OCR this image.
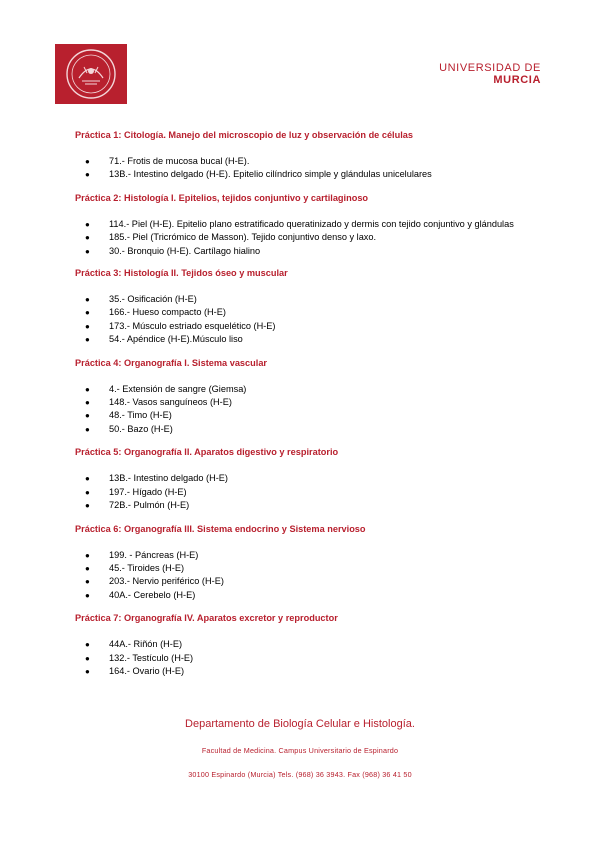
UNIVERSIDAD DE
MURCIA
Práctica 1: Citología. Manejo del microscopio de luz y observación de células
● 71.- Frotis de mucosa bucal (H-E).
● 13B.- Intestino delgado (H-E). Epitelio cilíndrico simple y glándulas unicelulares
Práctica 2: Histología I. Epitelios, tejidos conjuntivo y cartilaginoso
● 114.- Piel (H-E). Epitelio plano estratificado queratinizado y dermis con tejido conjuntivo y glándulas
● 185.- Piel (Tricrómico de Masson). Tejido conjuntivo denso y laxo.
● 30.- Bronquio (H-E). Cartílago hialino
Práctica 3: Histología II. Tejidos óseo y muscular
● 35.- Osificación (H-E)
● 166.- Hueso compacto (H-E)
● 173.- Músculo estriado esquelético (H-E)
● 54.- Apéndice (H-E).Músculo liso
Práctica 4: Organografía I. Sistema vascular
● 4.- Extensión de sangre (Giemsa)
● 148.- Vasos sanguíneos (H-E)
● 48.- Timo (H-E)
● 50.- Bazo (H-E)
Práctica 5: Organografía II. Aparatos digestivo y respiratorio
● 13B.- Intestino delgado (H-E)
● 197.- Hígado (H-E)
● 72B.- Pulmón (H-E)
Práctica 6: Organografía III. Sistema endocrino y Sistema nervioso
● 199. - Páncreas (H-E)
● 45.- Tiroides (H-E)
● 203.- Nervio periférico (H-E)
● 40A.- Cerebelo (H-E)
Práctica 7: Organografía IV. Aparatos excretor y reproductor
● 44A.- Riñón (H-E)
● 132.- Testículo (H-E)
● 164.- Ovario (H-E)
Departamento de Biología Celular e Histología.
Facultad de Medicina. Campus Universitario de Espinardo
30100 Espinardo (Murcia) Tels. (968) 36 3943. Fax (968) 36 41 50
